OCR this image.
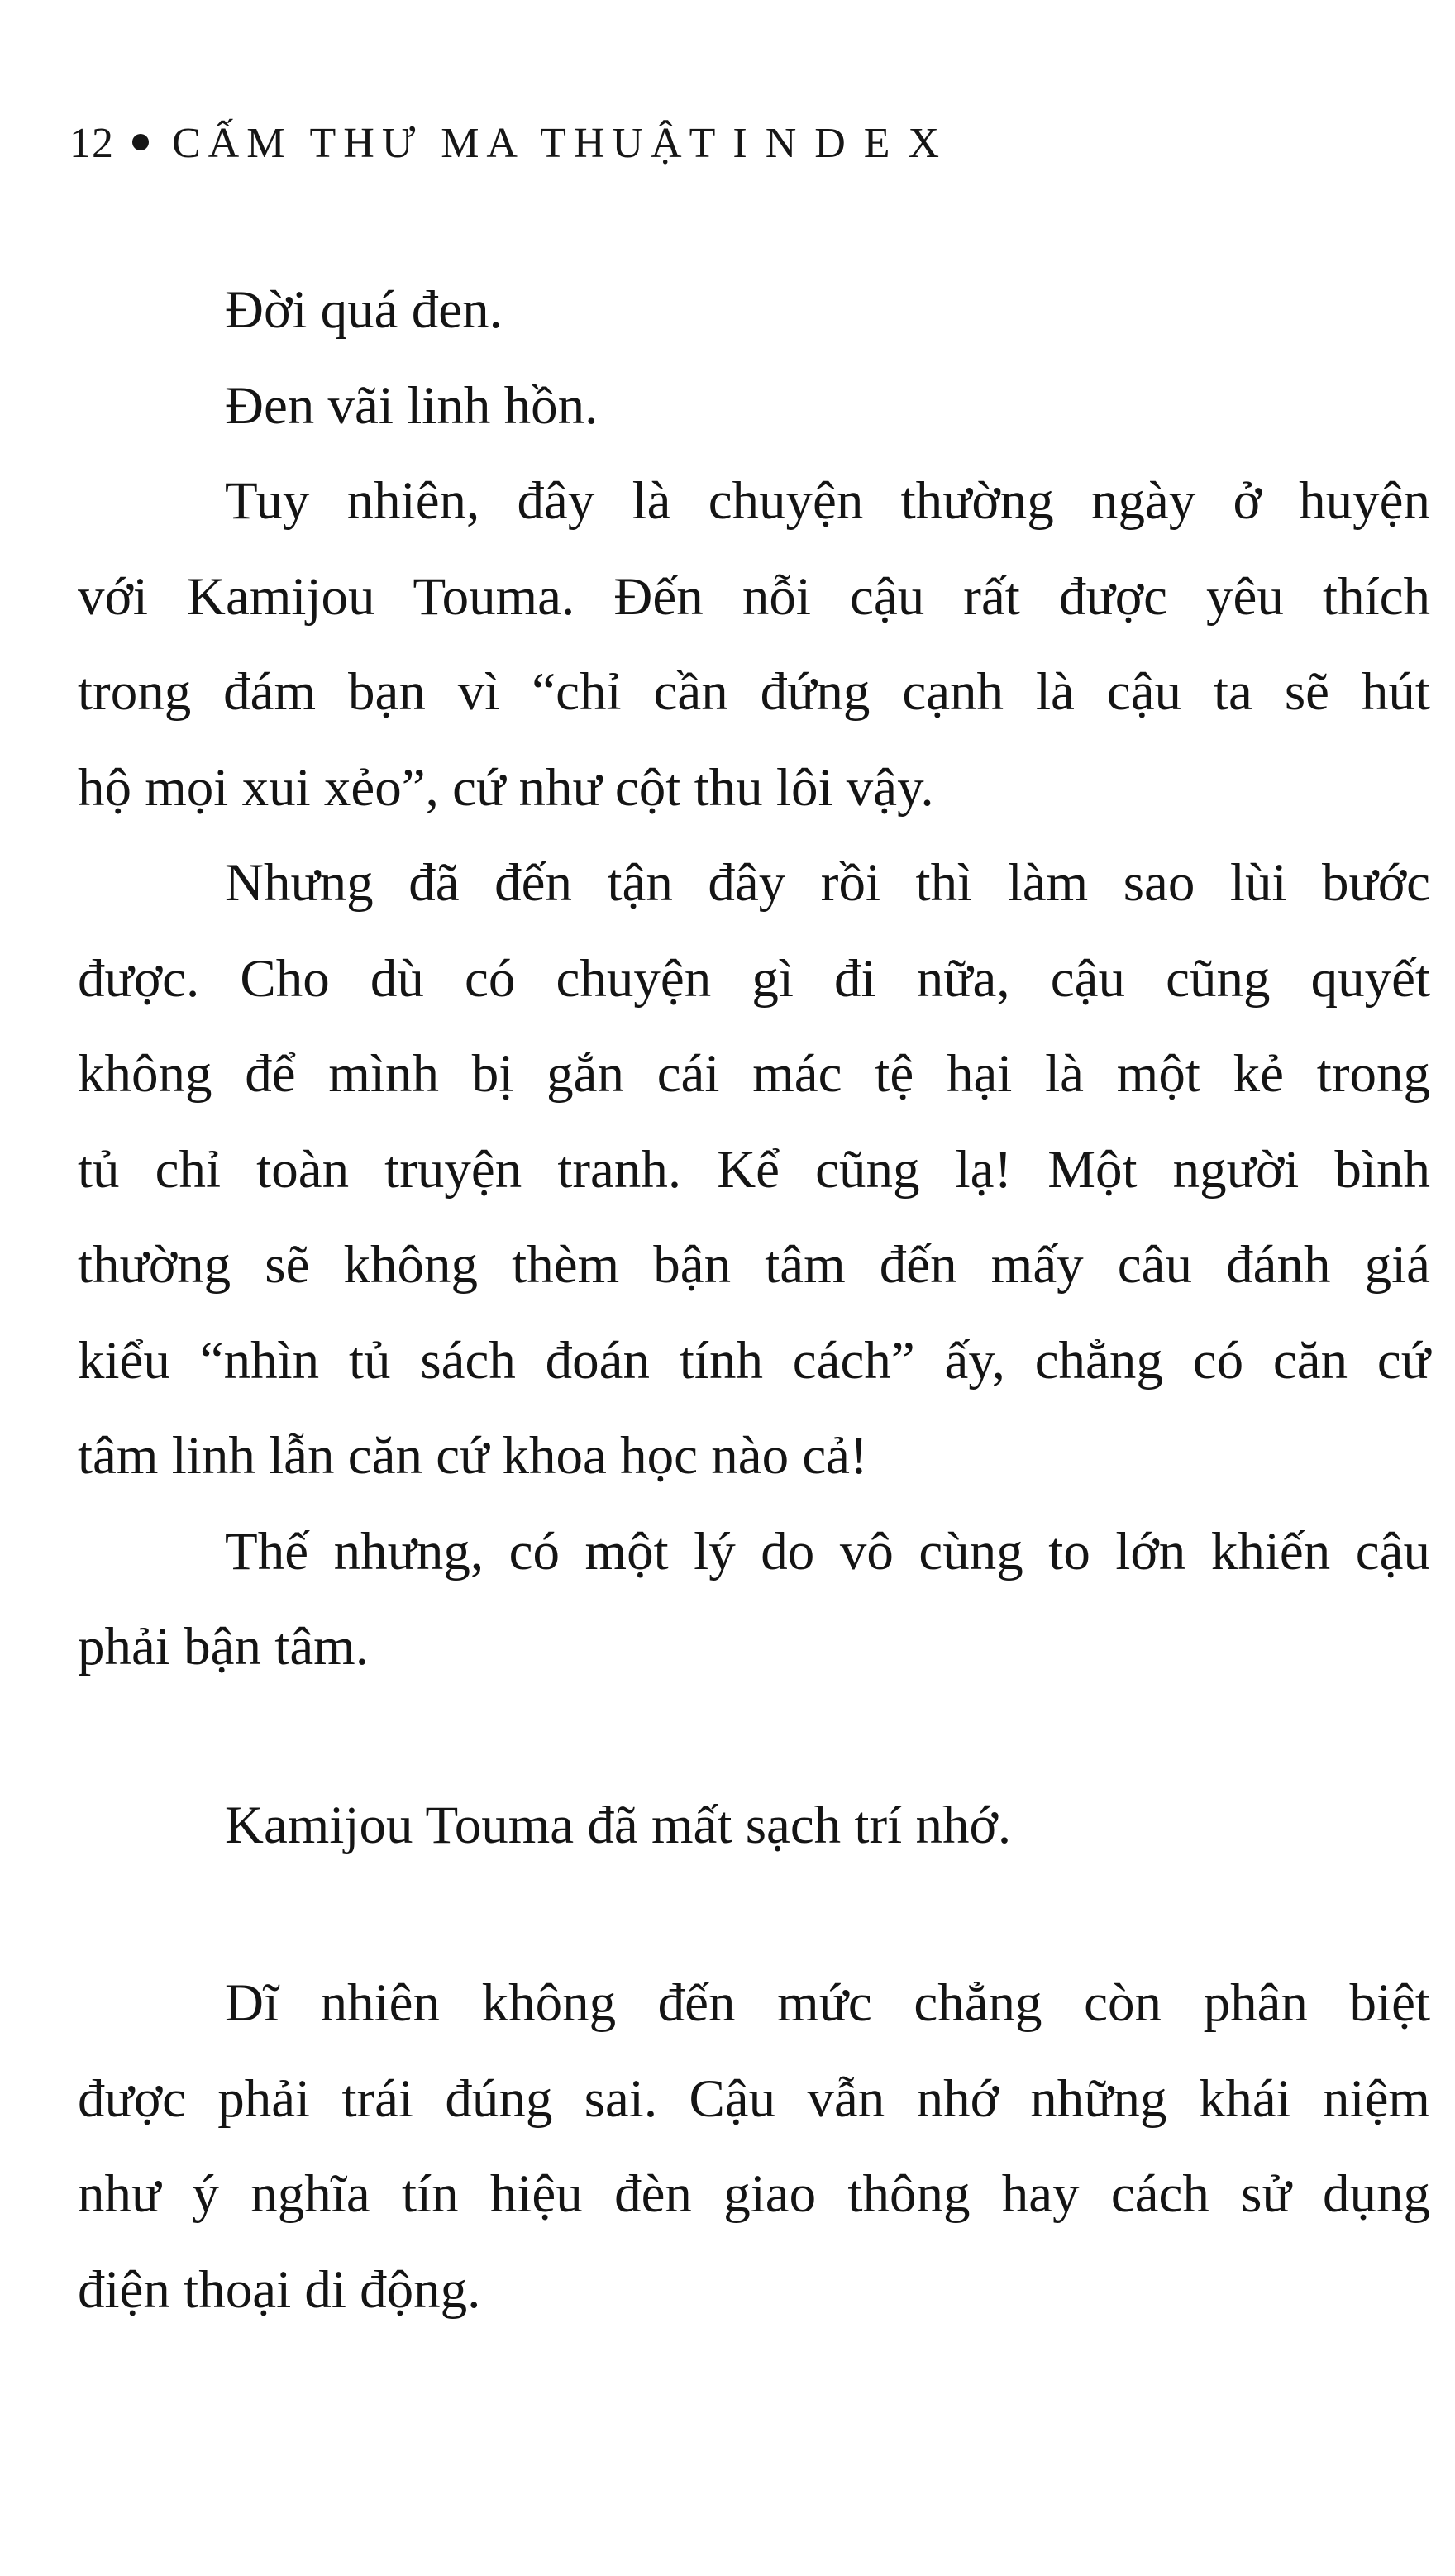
12 CẤM THƯ MA THUẬT INDEX

Đời quá đen.

Đen vãi linh hồn.

Tuy nhiên, đây là chuyện thường ngày ở huyện
với Kamijou Touma. Đến nỗi cậu rất được yêu thích
trong đám bạn vì “chỉ cần đứng cạnh là cậu ta sẽ hút
hộ mọi xui xẻo”, cứ như cột thu lôi vậy.

Nhưng đã đến tận đây rồi thì làm sao lùi bước
được. Cho dù có chuyện gì đi nữa, cậu cũng quyết
không để mình bị gắn cái mác tệ hại là một kẻ trong
tủ chỉ toàn truyện tranh. Kể cũng lạ! Một người bình
thường sẽ không thèm bận tâm đến mấy câu đánh giá
kiểu “nhìn tủ sách đoán tính cách” ấy, chẳng có căn cứ
tâm linh lẫn căn cứ khoa học nào cả!

Thế nhưng, có một lý do vô cùng to lớn khiến cậu
phải bận tâm.

Kamijou Touma đã mất sạch trí nhớ.

Dĩ nhiên không đến mức chẳng còn phân biệt
được phải trái đúng sai. Cậu vẫn nhớ những khái niệm
như ý nghĩa tín hiệu đèn giao thông hay cách sử dụng
điện thoại di động.
